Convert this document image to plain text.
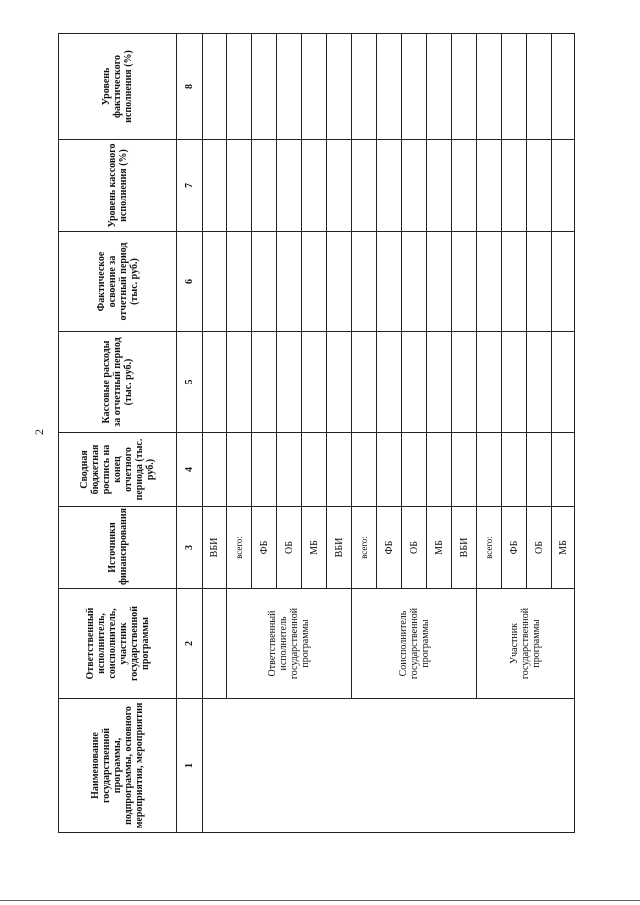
2
Наименование государственной программы, подпрограммы, основного мероприятия, мероприятия	Ответственный исполнитель, соисполнитель, участник государственной программы	Источники финансирования	Сводная бюджетная роспись на конец отчетного периода (тыс. руб.)	Кассовые расходы за отчетный период (тыс. руб.)	Фактическое освоение за отчетный период (тыс. руб.)	Уровень кассового исполнения (%)	Уровень фактического исполнения (%)
1	2	3	4	5	6	7	8
		ВБИ					
	Ответственный исполнитель государственной программы	всего:					
		ФБ					
		ОБ					
		МБ					
		ВБИ					
	Соисполнитель государственной программы	всего:					
		ФБ					
		ОБ					
		МБ					
		ВБИ					
	Участник государственной программы	всего:					
		ФБ					
		ОБ					
		МБ					
